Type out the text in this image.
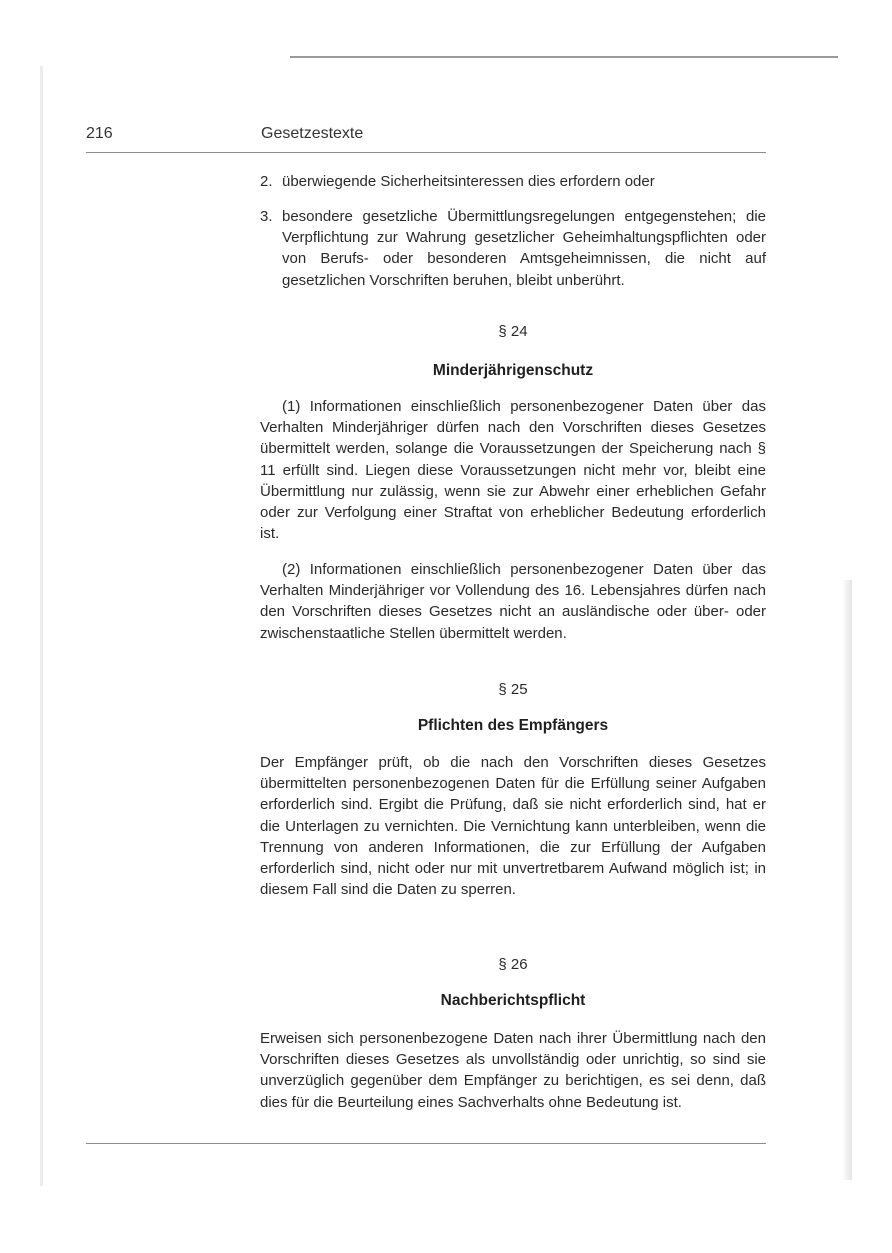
216	Gesetzestexte
2. überwiegende Sicherheitsinteressen dies erfordern oder
3. besondere gesetzliche Übermittlungsregelungen entgegenstehen; die Verpflichtung zur Wahrung gesetzlicher Geheimhaltungspflichten oder von Berufs- oder besonderen Amtsgeheimnissen, die nicht auf gesetzlichen Vorschriften beruhen, bleibt unberührt.
§ 24
Minderjährigenschutz
(1) Informationen einschließlich personenbezogener Daten über das Verhalten Minderjähriger dürfen nach den Vorschriften dieses Gesetzes übermittelt werden, solange die Voraussetzungen der Speicherung nach § 11 erfüllt sind. Liegen diese Voraussetzungen nicht mehr vor, bleibt eine Übermittlung nur zulässig, wenn sie zur Abwehr einer erheblichen Gefahr oder zur Verfolgung einer Straftat von erheblicher Bedeutung erforderlich ist.
(2) Informationen einschließlich personenbezogener Daten über das Verhalten Minderjähriger vor Vollendung des 16. Lebensjahres dürfen nach den Vorschriften dieses Gesetzes nicht an ausländische oder über- oder zwischenstaatliche Stellen übermittelt werden.
§ 25
Pflichten des Empfängers
Der Empfänger prüft, ob die nach den Vorschriften dieses Gesetzes übermittelten personenbezogenen Daten für die Erfüllung seiner Aufgaben erforderlich sind. Ergibt die Prüfung, daß sie nicht erforderlich sind, hat er die Unterlagen zu vernichten. Die Vernichtung kann unterbleiben, wenn die Trennung von anderen Informationen, die zur Erfüllung der Aufgaben erforderlich sind, nicht oder nur mit unvertretbarem Aufwand möglich ist; in diesem Fall sind die Daten zu sperren.
§ 26
Nachberichtspflicht
Erweisen sich personenbezogene Daten nach ihrer Übermittlung nach den Vorschriften dieses Gesetzes als unvollständig oder unrichtig, so sind sie unverzüglich gegenüber dem Empfänger zu berichtigen, es sei denn, daß dies für die Beurteilung eines Sachverhalts ohne Bedeutung ist.
